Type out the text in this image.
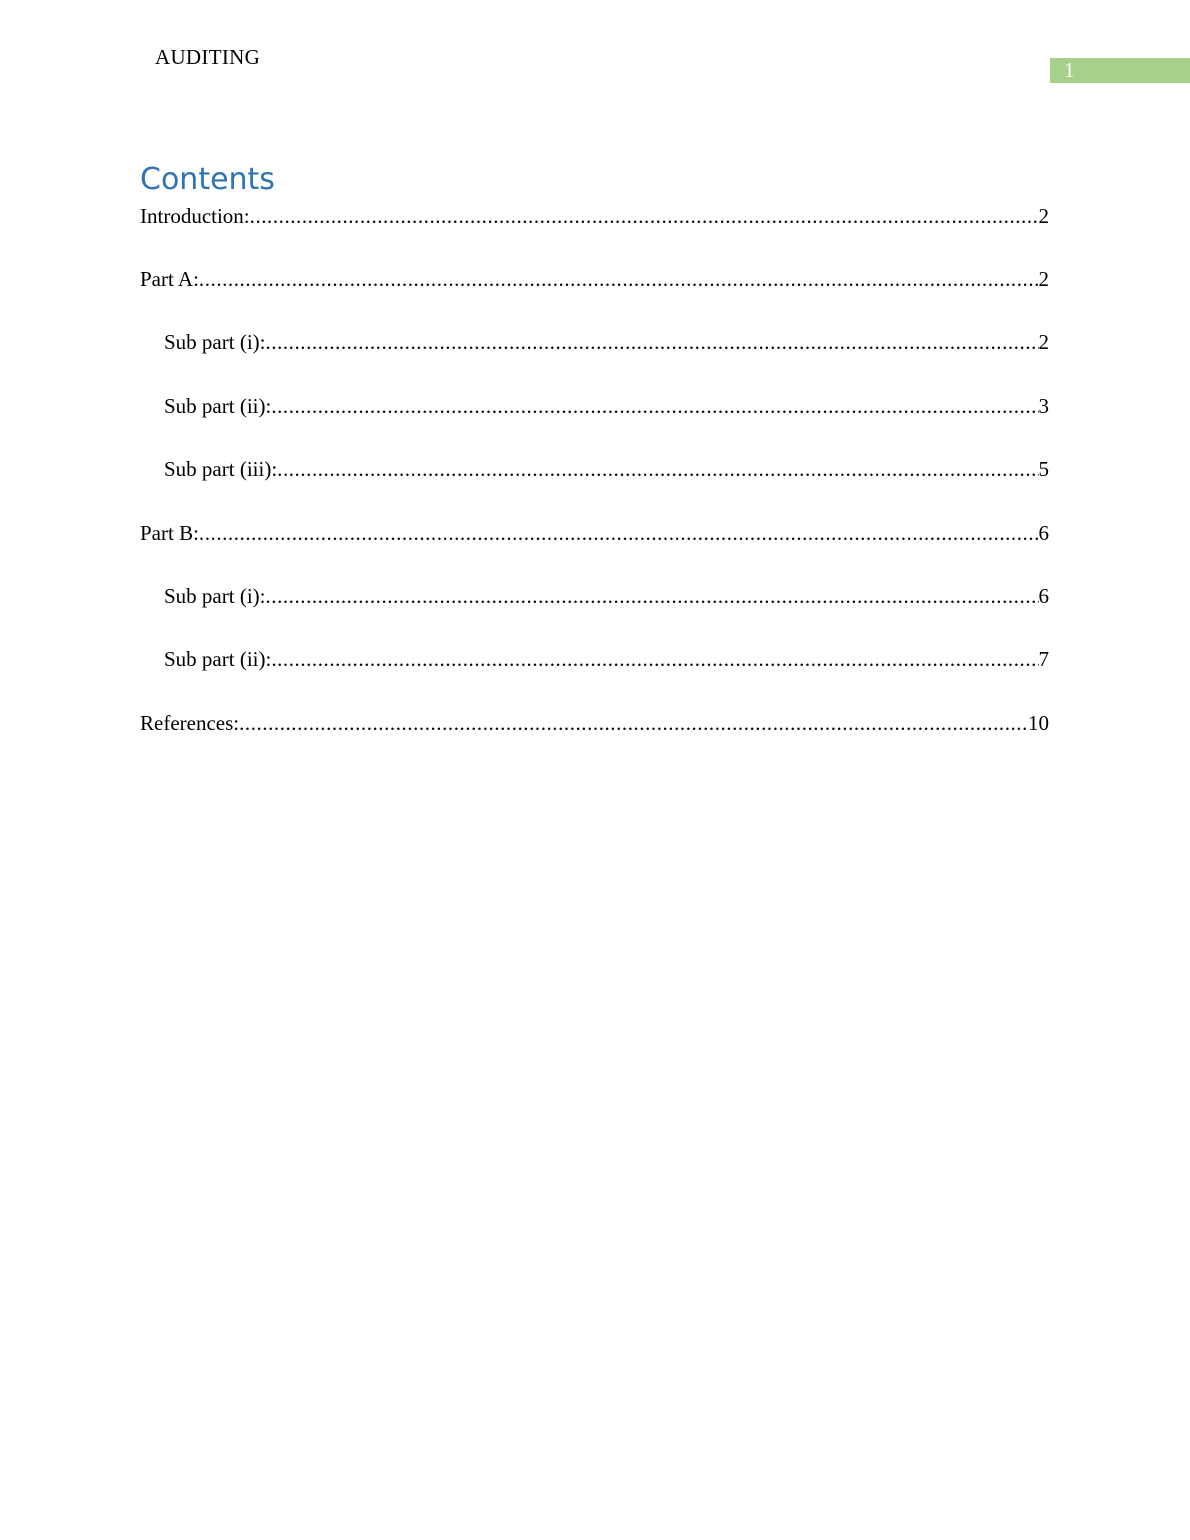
AUDITING
1
Contents
Introduction: .....	2
Part A: .....	2
Sub part (i): .....	2
Sub part (ii): .....	3
Sub part (iii): .....	5
Part B: .....	6
Sub part (i): .....	6
Sub part (ii): .....	7
References: .....	10
